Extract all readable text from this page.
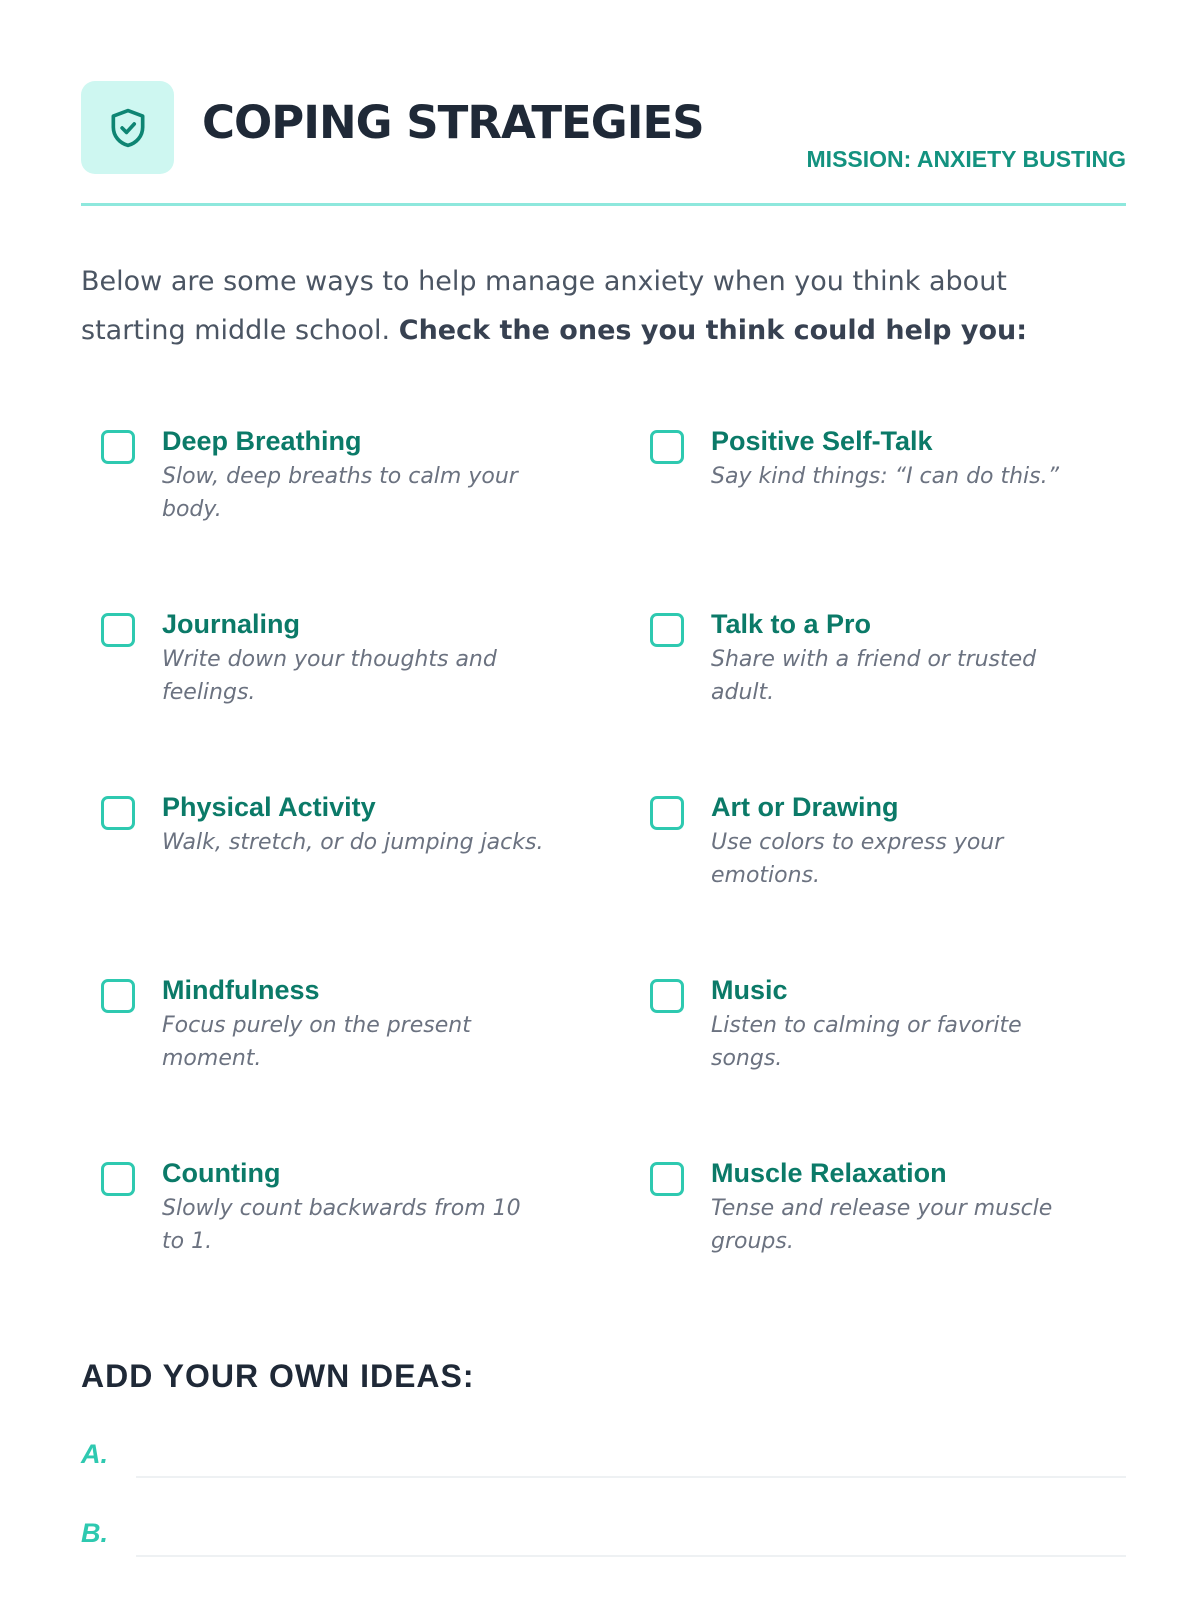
COPING STRATEGIES
MISSION: ANXIETY BUSTING

Below are some ways to help manage anxiety when you think about starting middle school. Check the ones you think could help you:

Deep Breathing
Slow, deep breaths to calm your body.
Positive Self-Talk
Say kind things: “I can do this.”
Journaling
Write down your thoughts and feelings.
Talk to a Pro
Share with a friend or trusted adult.
Physical Activity
Walk, stretch, or do jumping jacks.
Art or Drawing
Use colors to express your emotions.
Mindfulness
Focus purely on the present moment.
Music
Listen to calming or favorite songs.
Counting
Slowly count backwards from 10 to 1.
Muscle Relaxation
Tense and release your muscle groups.
ADD YOUR OWN IDEAS:
A.
B.
